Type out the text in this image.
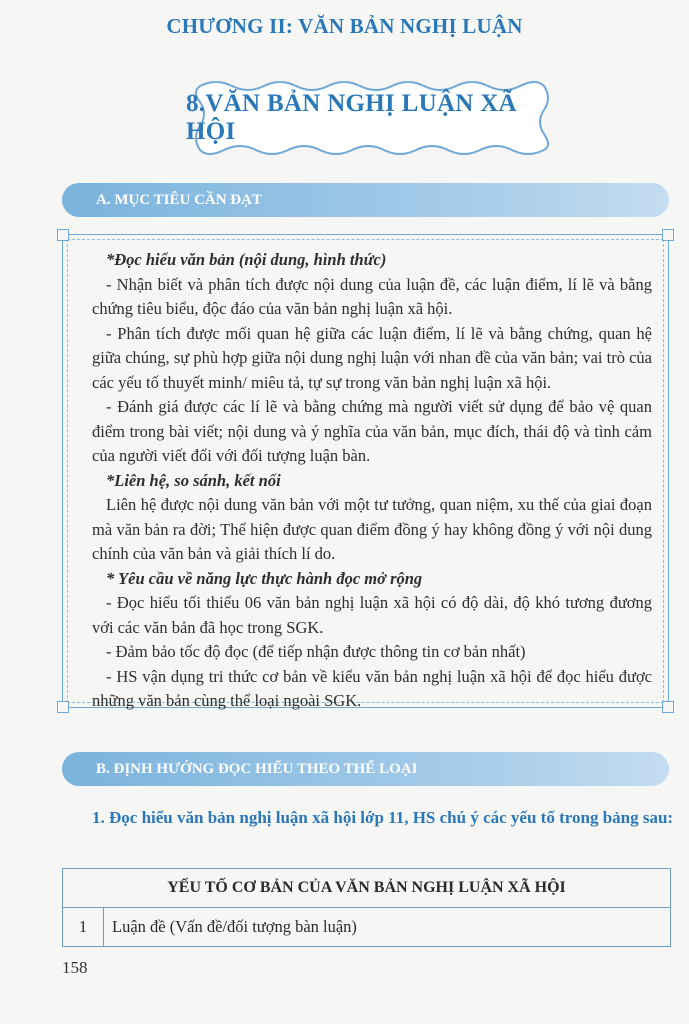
CHƯƠNG II: VĂN BẢN NGHỊ LUẬN
8.VĂN BẢN NGHỊ LUẬN XÃ HỘI
A. MỤC TIÊU CẦN ĐẠT

*Đọc hiểu văn bản (nội dung, hình thức)

- Nhận biết và phân tích được nội dung của luận đề, các luận điểm, lí lẽ và bằng chứng tiêu biểu, độc đáo của văn bản nghị luận xã hội.

- Phân tích được mối quan hệ giữa các luận điểm, lí lẽ và bằng chứng, quan hệ giữa chúng, sự phù hợp giữa nội dung nghị luận với nhan đề của văn bản; vai trò của các yếu tố thuyết minh/ miêu tả, tự sự trong văn bản nghị luận xã hội.

- Đánh giá được các lí lẽ và bằng chứng mà người viết sử dụng để bảo vệ quan điểm trong bài viết; nội dung và ý nghĩa của văn bản, mục đích, thái độ và tình cảm của người viết đối với đối tượng luận bàn.

*Liên hệ, so sánh, kết nối

Liên hệ được nội dung văn bản với một tư tưởng, quan niệm, xu thế của giai đoạn mà văn bản ra đời; Thể hiện được quan điểm đồng ý hay không đồng ý với nội dung chính của văn bản và giải thích lí do.

* Yêu cầu về năng lực thực hành đọc mở rộng

- Đọc hiểu tối thiểu 06 văn bản nghị luận xã hội có độ dài, độ khó tương đương với các văn bản đã học trong SGK.

- Đảm bảo tốc độ đọc (để tiếp nhận được thông tin cơ bản nhất)

- HS vận dụng tri thức cơ bản về kiểu văn bản nghị luận xã hội để đọc hiểu được những văn bản cùng thể loại ngoài SGK.

B. ĐỊNH HƯỚNG ĐỌC HIỂU THEO THỂ LOẠI
1. Đọc hiểu văn bản nghị luận xã hội lớp 11, HS chú ý các yếu tố trong bảng sau:
YẾU TỐ CƠ BẢN CỦA VĂN BẢN NGHỊ LUẬN XÃ HỘI
1	Luận đề (Vấn đề/đối tượng bàn luận)
158
